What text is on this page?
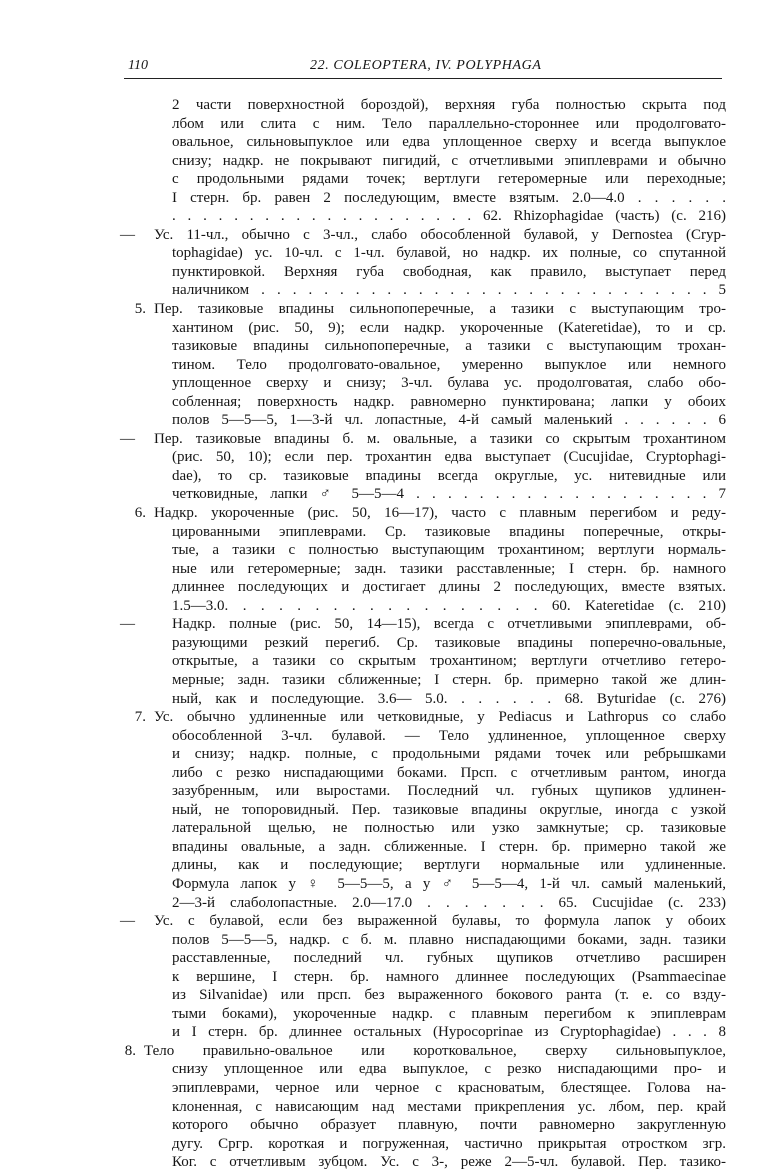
110	22. COLEOPTERA, IV. POLYPHAGA
2 части поверхностной бороздой), верхняя губа полностью скрыта под
лбом или слита с ним. Тело параллельно-стороннее или продолговато-
овальное, сильновыпуклое или едва уплощенное сверху и всегда выпуклое
снизу; надкр. не покрывают пигидий, с отчетливыми эпиплеврами и обычно
с продольными рядами точек; вертлуги гетеромерные или переходные;
I стерн. бр. равен 2 последующим, вместе взятым. 2.0—4.0 . . . . . .
. . . . . . . . . . . . . . . . . . . . 62. Rhizophagidae (часть) (с. 216)
—	Ус. 11-чл., обычно с 3-чл., слабо обособленной булавой, у Dernostea (Cryp-
tophagidae) ус. 10-чл. с 1-чл. булавой, но надкр. их полные, со спутанной
пунктировкой. Верхняя губа свободная, как правило, выступает перед
наличником . . . . . . . . . . . . . . . . . . . . . . . . . . . . . 5
5. Пер. тазиковые впадины сильнопоперечные, а тазики с выступающим тро-
хантином (рис. 50, 9); если надкр. укороченные (Kateretidae), то и ср.
тазиковые впадины сильнопоперечные, а тазики с выступающим трохан-
тином. Тело продолговато-овальное, умеренно выпуклое или немного
уплощенное сверху и снизу; 3-чл. булава ус. продолговатая, слабо обо-
собленная; поверхность надкр. равномерно пунктирована; лапки у обоих
полов 5—5—5, 1—3-й чл. лопастные, 4-й самый маленький . . . . . . 6
—	Пер. тазиковые впадины б. м. овальные, а тазики со скрытым трохантином
(рис. 50, 10); если пер. трохантин едва выступает (Cucujidae, Cryptophagi-
dae), то ср. тазиковые впадины всегда округлые, ус. нитевидные или
четковидные, лапки ♂ 5—5—4 . . . . . . . . . . . . . . . . . . . 7
6. Надкр. укороченные (рис. 50, 16—17), часто с плавным перегибом и реду-
цированными эпиплеврами. Ср. тазиковые впадины поперечные, откры-
тые, а тазики с полностью выступающим трохантином; вертлуги нормаль-
ные или гетеромерные; задн. тазики расставленные; I стерн. бр. намного
длиннее последующих и достигает длины 2 последующих, вместе взятых.
1.5—3.0. . . . . . . . . . . . . . . . . . 60. Kateretidae (с. 210)
—	Надкр. полные (рис. 50, 14—15), всегда с отчетливыми эпиплеврами, об-
разующими резкий перегиб. Ср. тазиковые впадины поперечно-овальные,
открытые, а тазики со скрытым трохантином; вертлуги отчетливо гетеро-
мерные; задн. тазики сближенные; I стерн. бр. примерно такой же длин-
ный, как и последующие. 3.6— 5.0. . . . . . . 68. Byturidae (с. 276)
7. Ус. обычно удлиненные или четковидные, у Pediacus и Lathropus со слабо
обособленной 3-чл. булавой. — Тело удлиненное, уплощенное сверху
и снизу; надкр. полные, с продольными рядами точек или ребрышками
либо с резко ниспадающими боками. Прсп. с отчетливым рантом, иногда
зазубренным, или выростами. Последний чл. губных щупиков удлинен-
ный, не топоровидный. Пер. тазиковые впадины округлые, иногда с узкой
латеральной щелью, не полностью или узко замкнутые; ср. тазиковые
впадины овальные, а задн. сближенные. I стерн. бр. примерно такой же
длины, как и последующие; вертлуги нормальные или удлиненные.
Формула лапок у ♀ 5—5—5, а у ♂ 5—5—4, 1-й чл. самый маленький,
2—3-й слаболопастные. 2.0—17.0 . . . . . . . 65. Cucujidae (с. 233)
—	Ус. с булавой, если без выраженной булавы, то формула лапок у обоих
полов 5—5—5, надкр. с б. м. плавно ниспадающими боками, задн. тазики
расставленные, последний чл. губных щупиков отчетливо расширен
к вершине, I стерн. бр. намного длиннее последующих (Psammaecinae
из Silvanidae) или прсп. без выраженного бокового ранта (т. е. со взду-
тыми боками), укороченные надкр. с плавным перегибом к эпиплеврам
и I стерн. бр. длиннее остальных (Hypocoprinae из Cryptophagidae) . . . 8
8. Тело правильно-овальное или коротковальное, сверху сильновыпуклое,
снизу уплощенное или едва выпуклое, с резко ниспадающими про- и
эпиплеврами, черное или черное с красноватым, блестящее. Голова на-
клоненная, с нависающим над местами прикрепления ус. лбом, пер. край
которого обычно образует плавную, почти равномерно закругленную
дугу. Сргр. короткая и погруженная, частично прикрытая отростком згр.
Ког. с отчетливым зубцом. Ус. с 3-, реже 2—5-чл. булавой. Пер. тазико-
